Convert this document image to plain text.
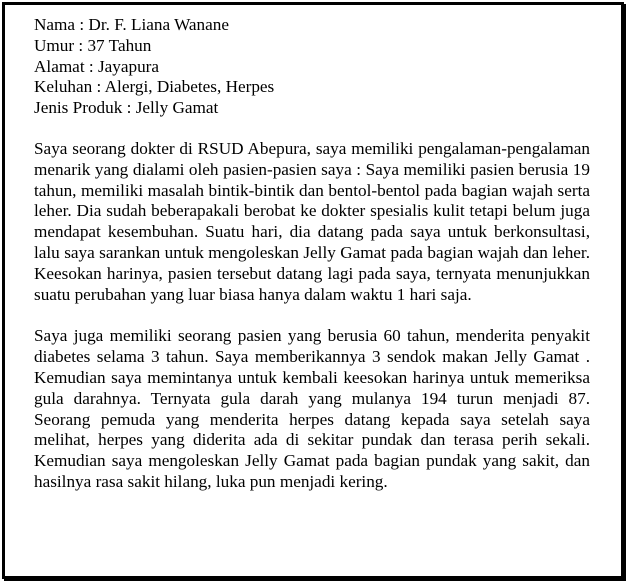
Nama : Dr. F. Liana Wanane

Umur : 37 Tahun

Alamat : Jayapura

Keluhan : Alergi, Diabetes, Herpes

Jenis Produk : Jelly Gamat

Saya seorang dokter di RSUD Abepura, saya memiliki pengalaman-pengalaman menarik yang dialami oleh pasien-pasien saya : Saya memiliki pasien berusia 19 tahun, memiliki masalah bintik-bintik dan bentol-bentol pada bagian wajah serta leher. Dia sudah beberapakali berobat ke dokter spesialis kulit tetapi belum juga mendapat kesembuhan. Suatu hari, dia datang pada saya untuk berkonsultasi, lalu saya sarankan untuk mengoleskan Jelly Gamat pada bagian wajah dan leher. Keesokan harinya, pasien tersebut datang lagi pada saya, ternyata menunjukkan suatu perubahan yang luar biasa hanya dalam waktu 1 hari saja.

Saya juga memiliki seorang pasien yang berusia 60 tahun, menderita penyakit diabetes selama 3 tahun. Saya memberikannya 3 sendok makan Jelly Gamat . Kemudian saya memintanya untuk kembali keesokan harinya untuk memeriksa gula darahnya. Ternyata gula darah yang mulanya 194 turun menjadi 87. Seorang pemuda yang menderita herpes datang kepada saya setelah saya melihat, herpes yang diderita ada di sekitar pundak dan terasa perih sekali. Kemudian saya mengoleskan Jelly Gamat pada bagian pundak yang sakit, dan hasilnya rasa sakit hilang, luka pun menjadi kering.
